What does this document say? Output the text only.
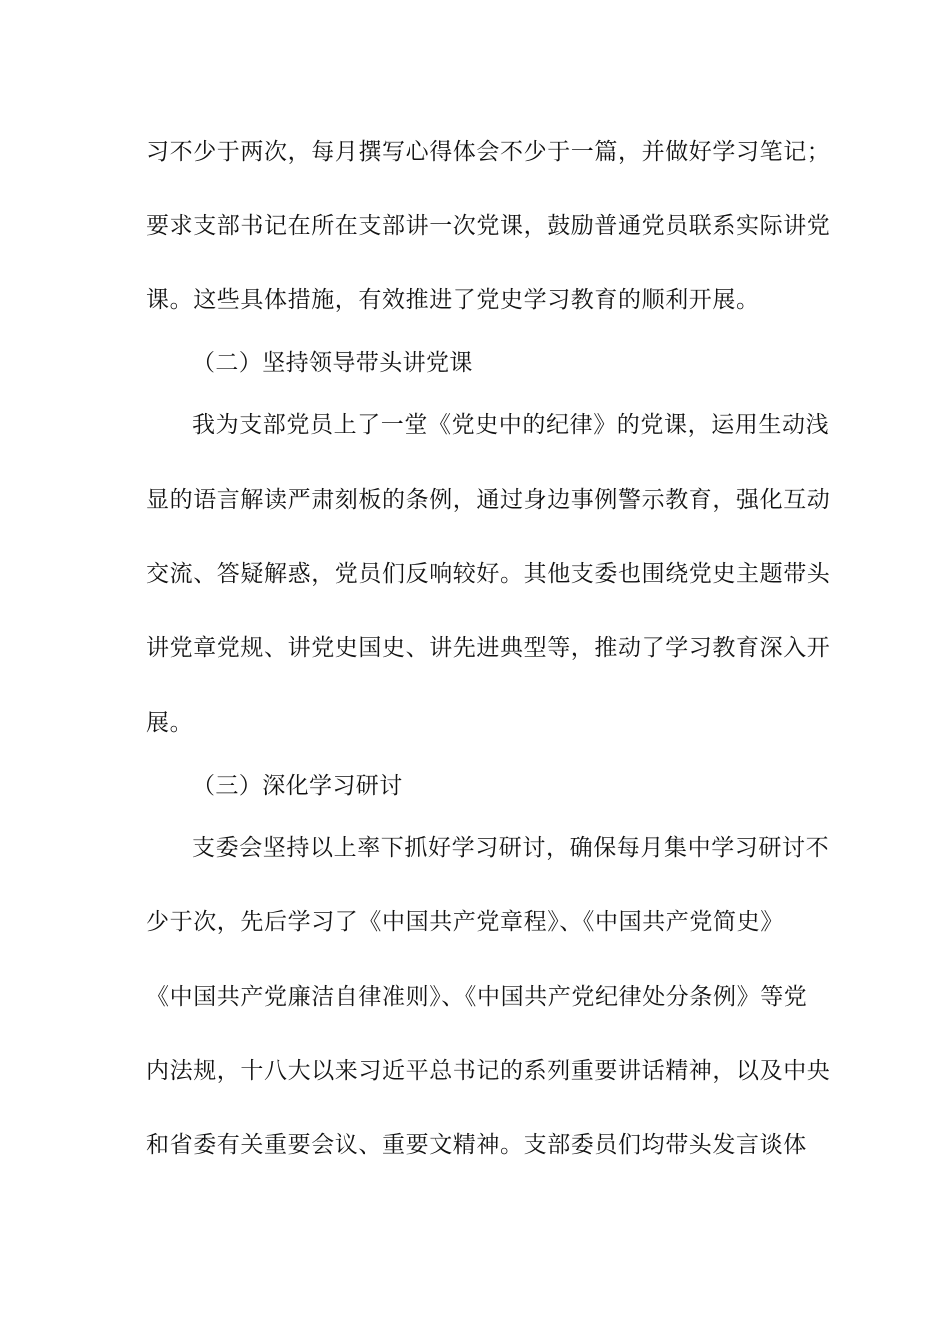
习不少于两次，每月撰写心得体会不少于一篇，并做好学习笔记；
要求支部书记在所在支部讲一次党课，鼓励普通党员联系实际讲党
课。这些具体措施，有效推进了党史学习教育的顺利开展。
（二）坚持领导带头讲党课
我为支部党员上了一堂《党史中的纪律》的党课，运用生动浅
显的语言解读严肃刻板的条例，通过身边事例警示教育，强化互动
交流、答疑解惑，党员们反响较好。其他支委也围绕党史主题带头
讲党章党规、讲党史国史、讲先进典型等，推动了学习教育深入开
展。
（三）深化学习研讨
支委会坚持以上率下抓好学习研讨，确保每月集中学习研讨不
少于次，先后学习了《中国共产党章程》、《中国共产党简史》
《中国共产党廉洁自律准则》、《中国共产党纪律处分条例》等党
内法规，十八大以来习近平总书记的系列重要讲话精神，以及中央
和省委有关重要会议、重要文精神。支部委员们均带头发言谈体
